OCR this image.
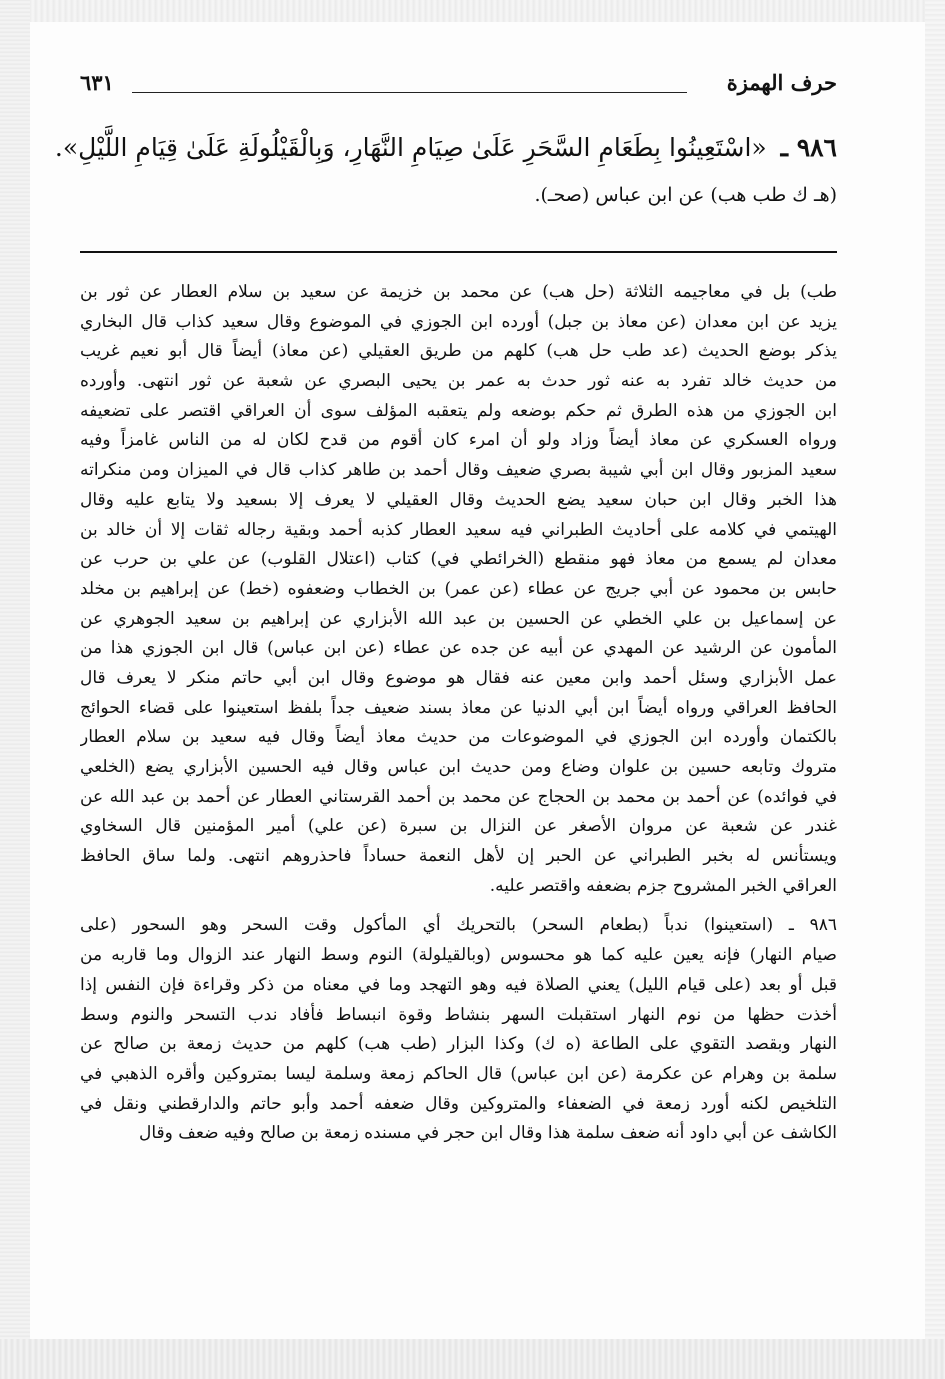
حرف الهمزة
٦٣١
٩٨٦ ـ «اسْتَعِينُوا بِطَعَامِ السَّحَرِ عَلَىٰ صِيَامِ النَّهَارِ، وَبِالْقَيْلُولَةِ عَلَىٰ قِيَامِ اللَّيْلِ».
(هـ ك طب هب) عن ابن عباس (صحـ).
طب) بل في معاجيمه الثلاثة (حل هب) عن محمد بن خزيمة عن سعيد بن سلام العطار عن ثور بن
يزيد عن ابن معدان (عن معاذ بن جبل) أورده ابن الجوزي في الموضوع وقال سعيد كذاب قال البخاري
يذكر بوضع الحديث (عد طب حل هب) كلهم من طريق العقيلي (عن معاذ) أيضاً قال أبو نعيم غريب
من حديث خالد تفرد به عنه ثور حدث به عمر بن يحيى البصري عن شعبة عن ثور انتهى. وأورده
ابن الجوزي من هذه الطرق ثم حكم بوضعه ولم يتعقبه المؤلف سوى أن العراقي اقتصر على تضعيفه
ورواه العسكري عن معاذ أيضاً وزاد ولو أن امرء كان أقوم من قدح لكان له من الناس غامزاً وفيه
سعيد المزبور وقال ابن أبي شيبة بصري ضعيف وقال أحمد بن طاهر كذاب قال في الميزان ومن منكراته
هذا الخبر وقال ابن حبان سعيد يضع الحديث وقال العقيلي لا يعرف إلا بسعيد ولا يتابع عليه وقال
الهيتمي في كلامه على أحاديث الطبراني فيه سعيد العطار كذبه أحمد وبقية رجاله ثقات إلا أن خالد بن
معدان لم يسمع من معاذ فهو منقطع (الخرائطي في) كتاب (اعتلال القلوب) عن علي بن حرب عن
حابس بن محمود عن أبي جريج عن عطاء (عن عمر) بن الخطاب وضعفوه (خط) عن إبراهيم بن مخلد
عن إسماعيل بن علي الخطي عن الحسين بن عبد الله الأبزاري عن إبراهيم بن سعيد الجوهري عن
المأمون عن الرشيد عن المهدي عن أبيه عن جده عن عطاء (عن ابن عباس) قال ابن الجوزي هذا من
عمل الأبزاري وسئل أحمد وابن معين عنه فقال هو موضوع وقال ابن أبي حاتم منكر لا يعرف قال
الحافظ العراقي ورواه أيضاً ابن أبي الدنيا عن معاذ بسند ضعيف جداً بلفظ استعينوا على قضاء الحوائج
بالكتمان وأورده ابن الجوزي في الموضوعات من حديث معاذ أيضاً وقال فيه سعيد بن سلام العطار
متروك وتابعه حسين بن علوان وضاع ومن حديث ابن عباس وقال فيه الحسين الأبزاري يضع (الخلعي
في فوائده) عن أحمد بن محمد بن الحجاج عن محمد بن أحمد القرستاني العطار عن أحمد بن عبد الله عن
غندر عن شعبة عن مروان الأصغر عن النزال بن سبرة (عن علي) أمير المؤمنين قال السخاوي
ويستأنس له بخبر الطبراني عن الحبر إن لأهل النعمة حساداً فاحذروهم انتهى. ولما ساق الحافظ
العراقي الخبر المشروح جزم بضعفه واقتصر عليه.
٩٨٦ ـ (استعينوا) ندباً (بطعام السحر) بالتحريك أي المأكول وقت السحر وهو السحور (على
صيام النهار) فإنه يعين عليه كما هو محسوس (وبالقيلولة) النوم وسط النهار عند الزوال وما قاربه من
قبل أو بعد (على قيام الليل) يعني الصلاة فيه وهو التهجد وما في معناه من ذكر وقراءة فإن النفس إذا
أخذت حظها من نوم النهار استقبلت السهر بنشاط وقوة انبساط فأفاد ندب التسحر والنوم وسط
النهار وبقصد التقوي على الطاعة (ه ك) وكذا البزار (طب هب) كلهم من حديث زمعة بن صالح عن
سلمة بن وهرام عن عكرمة (عن ابن عباس) قال الحاكم زمعة وسلمة ليسا بمتروكين وأقره الذهبي في
التلخيص لكنه أورد زمعة في الضعفاء والمتروكين وقال ضعفه أحمد وأبو حاتم والدارقطني ونقل في
الكاشف عن أبي داود أنه ضعف سلمة هذا وقال ابن حجر في مسنده زمعة بن صالح وفيه ضعف وقال
